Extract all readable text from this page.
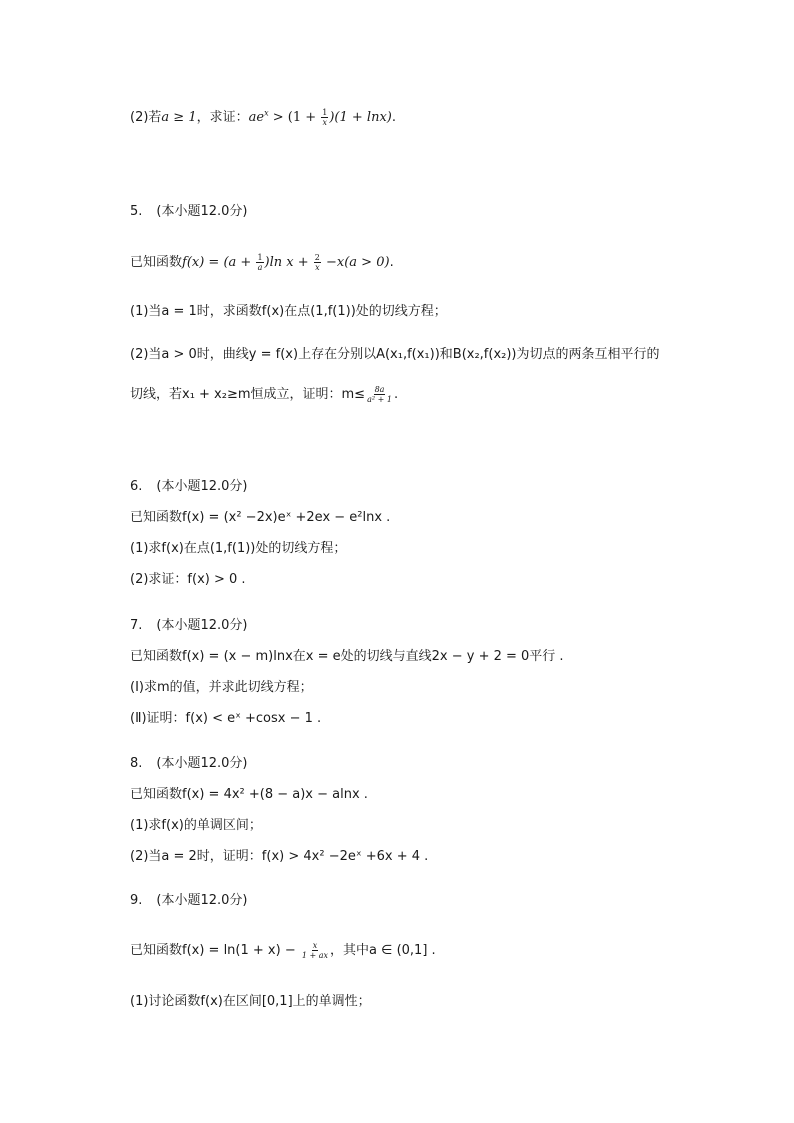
(2)若a ≥ 1，求证：$ae^x > (1 + \frac{1}{x} )(1 + \ln x)$.
5. (本小题12.0分)
已知函数$f(x) = (a + \frac{1}{a} )\ln$ $x + \frac{2}{x} -x(a > 0)$.
(1)当a = 1时，求函数f(x)在点(1,f(1))处的切线方程；
(2)当a > 0时，曲线y = f(x)上存在分别以A(x₁,f(x₁))和B(x₂,f(x₂))为切点的两条互相平行的
切线，若x₁ + x₂≥m恒成立，证明：$m\le \frac{8a}{\text{a² + 1}}$ .
6. (本小题12.0分)
已知函数f(x) = (x² −2x)eˣ +2ex − e²lnx .
(1)求f(x)在点(1,f(1))处的切线方程；
(2)求证：f(x) > 0 .
7. (本小题12.0分)
已知函数f(x) = (x − m)lnx在x = e处的切线与直线2x − y + 2 = 0平行 .
(Ⅰ)求m的值，并求此切线方程；
(Ⅱ)证明：f(x) < eˣ +cosx − 1 .
8. (本小题12.0分)
已知函数f(x) = 4x² +(8 − a)x − alnx .
(1)求f(x)的单调区间；
(2)当a = 2时，证明：f(x) > 4x² −2eˣ +6x + 4 .
9. (本小题12.0分)
已知函数$f(x) = \ln(1 + x) - \frac{x}{1 + ax}$ ，其中a ∈ (0,1] .
(1)讨论函数f(x)在区间[0,1]上的单调性；
